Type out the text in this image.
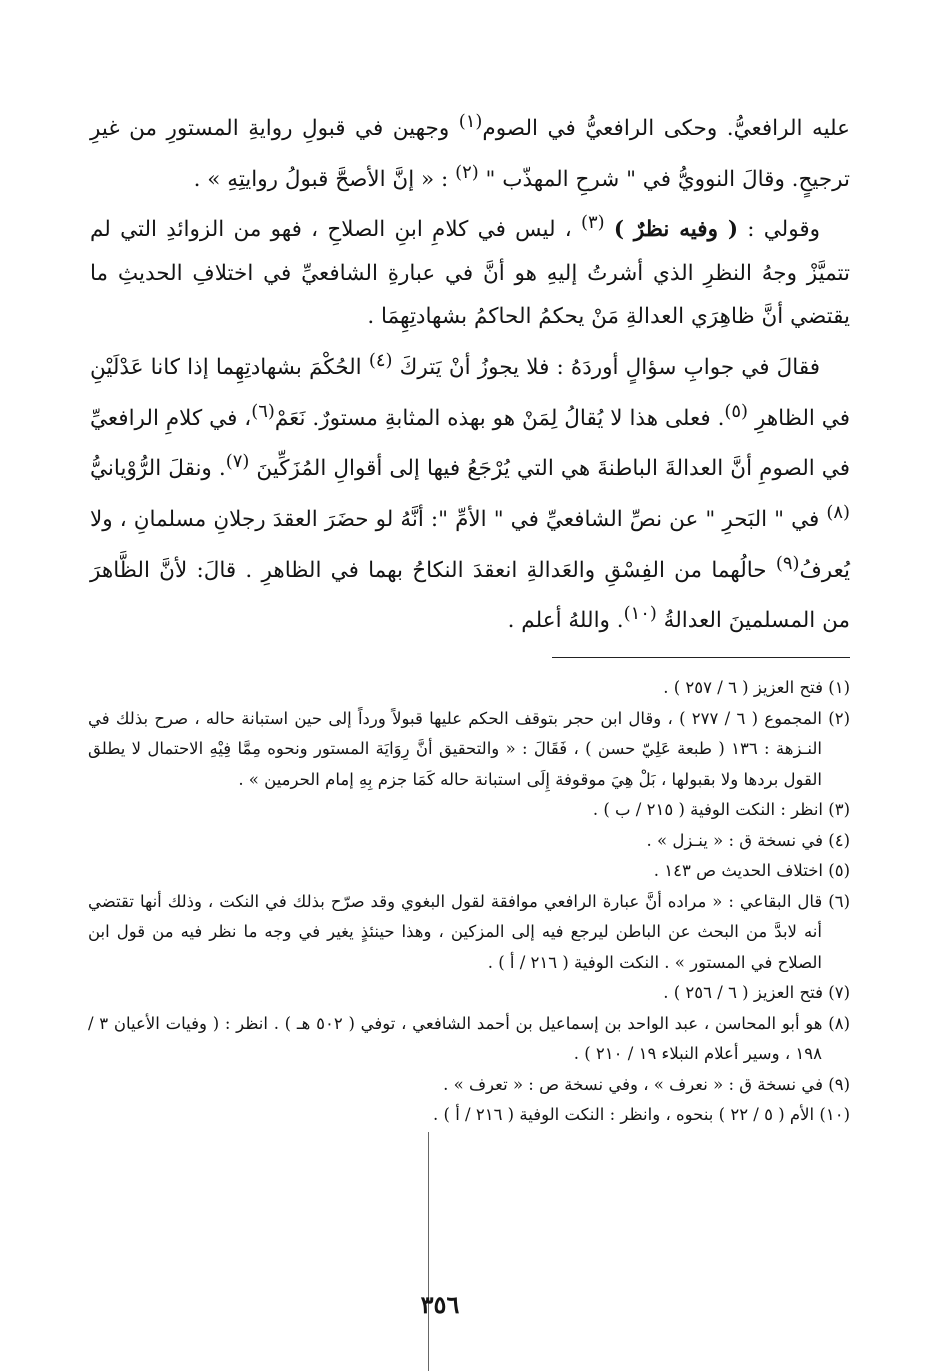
عليه الرافعيُّ. وحكى الرافعيُّ في الصوم$^{(١)}$ وجهين في قبولِ روايةِ المستورِ من غيرِ ترجيحٍ. وقالَ النوويُّ في " شرحِ المهذّب " $^{(٢)}$ : « إنَّ الأصحَّ قبولُ روايتِهِ » .

وقولي : ( وفيه نظرٌ ) $^{(٣)}$ ، ليس في كلامِ ابنِ الصلاحِ ، فهو من الزوائدِ التي لم تتميَّزْ وجهُ النظرِ الذي أشرتُ إليهِ هو أنَّ في عبارةِ الشافعيِّ في اختلافِ الحديثِ ما يقتضي أنَّ ظاهِرَي العدالةِ مَنْ يحكمُ الحاكمُ بشهادتِهِمَا .

فقالَ في جوابِ سؤالٍ أوردَهُ : فلا يجوزُ أنْ يَتركَ $^{(٤)}$ الحُكْمَ بشهادتِهِما إذا كانا عَدْلَيْنِ في الظاهرِ $^{(٥)}$. فعلى هذا لا يُقالُ لِمَنْ هو بهذه المثابةِ مستورٌ. نَعَمْ$^{(٦)}$، في كلامِ الرافعيِّ في الصومِ أنَّ العدالةَ الباطنةَ هي التي يُرْجَعُ فيها إلى أقوالِ المُزَكِّينَ $^{(٧)}$. ونقلَ الرُّوْيانيُّ $^{(٨)}$ في " البَحرِ " عن نصِّ الشافعيِّ في " الأمِّ ": أنَّهُ لو حضَرَ العقدَ رجلانِ مسلمانِ ، ولا يُعرفُ$^{(٩)}$ حالُهما من الفِسْقِ والعَدالةِ انعقدَ النكاحُ بهما في الظاهرِ . قالَ: لأنَّ الظَّاهرَ من المسلمينَ العدالةُ $^{(١٠)}$. واللهُ أعلم .

(١) فتح العزيز ( ٦ / ٢٥٧ ) .

(٢) المجموع ( ٦ / ٢٧٧ ) ، وقال ابن حجر بتوقف الحكم عليها قبولاً ورداً إلى حين استبانة حاله ، صرح بذلك في النـزهة : ١٣٦ ( طبعة عَلِيّ حسن ) ، فَقَالَ : « والتحقيق أنَّ رِوَايَة المستور ونحوه مِمَّا فِيْهِ الاحتمال لا يطلق القول بردها ولا بقبولها ، بَلْ هِيَ موقوفة إِلَى استبانة حاله كَمَا جزم بِهِ إمام الحرمين » .

(٣) انظر : النكت الوفية ( ٢١٥ / ب ) .

(٤) في نسخة ق : « ينـزل » .

(٥) اختلاف الحديث ص ١٤٣ .

(٦) قال البقاعي : « مراده أنَّ عبارة الرافعي موافقة لقول البغوي وقد صرّح بذلك في النكت ، وذلك أنها تقتضي أنه لابدَّ من البحث عن الباطن ليرجع فيه إلى المزكين ، وهذا حينئذٍ يغير في وجه ما نظر فيه من قول ابن الصلاح في المستور » . النكت الوفية ( ٢١٦ / أ ) .

(٧) فتح العزيز ( ٦ / ٢٥٦ ) .

(٨) هو أبو المحاسن ، عبد الواحد بن إسماعيل بن أحمد الشافعي ، توفي ( ٥٠٢ هـ ) . انظر : ( وفيات الأعيان ٣ / ١٩٨ ، وسير أعلام النبلاء ١٩ / ٢١٠ ) .

(٩) في نسخة ق : « نعرف » ، وفي نسخة ص : « تعرف » .

(١٠) الأم ( ٥ / ٢٢ ) بنحوه ، وانظر : النكت الوفية ( ٢١٦ / أ ) .

٣٥٦
